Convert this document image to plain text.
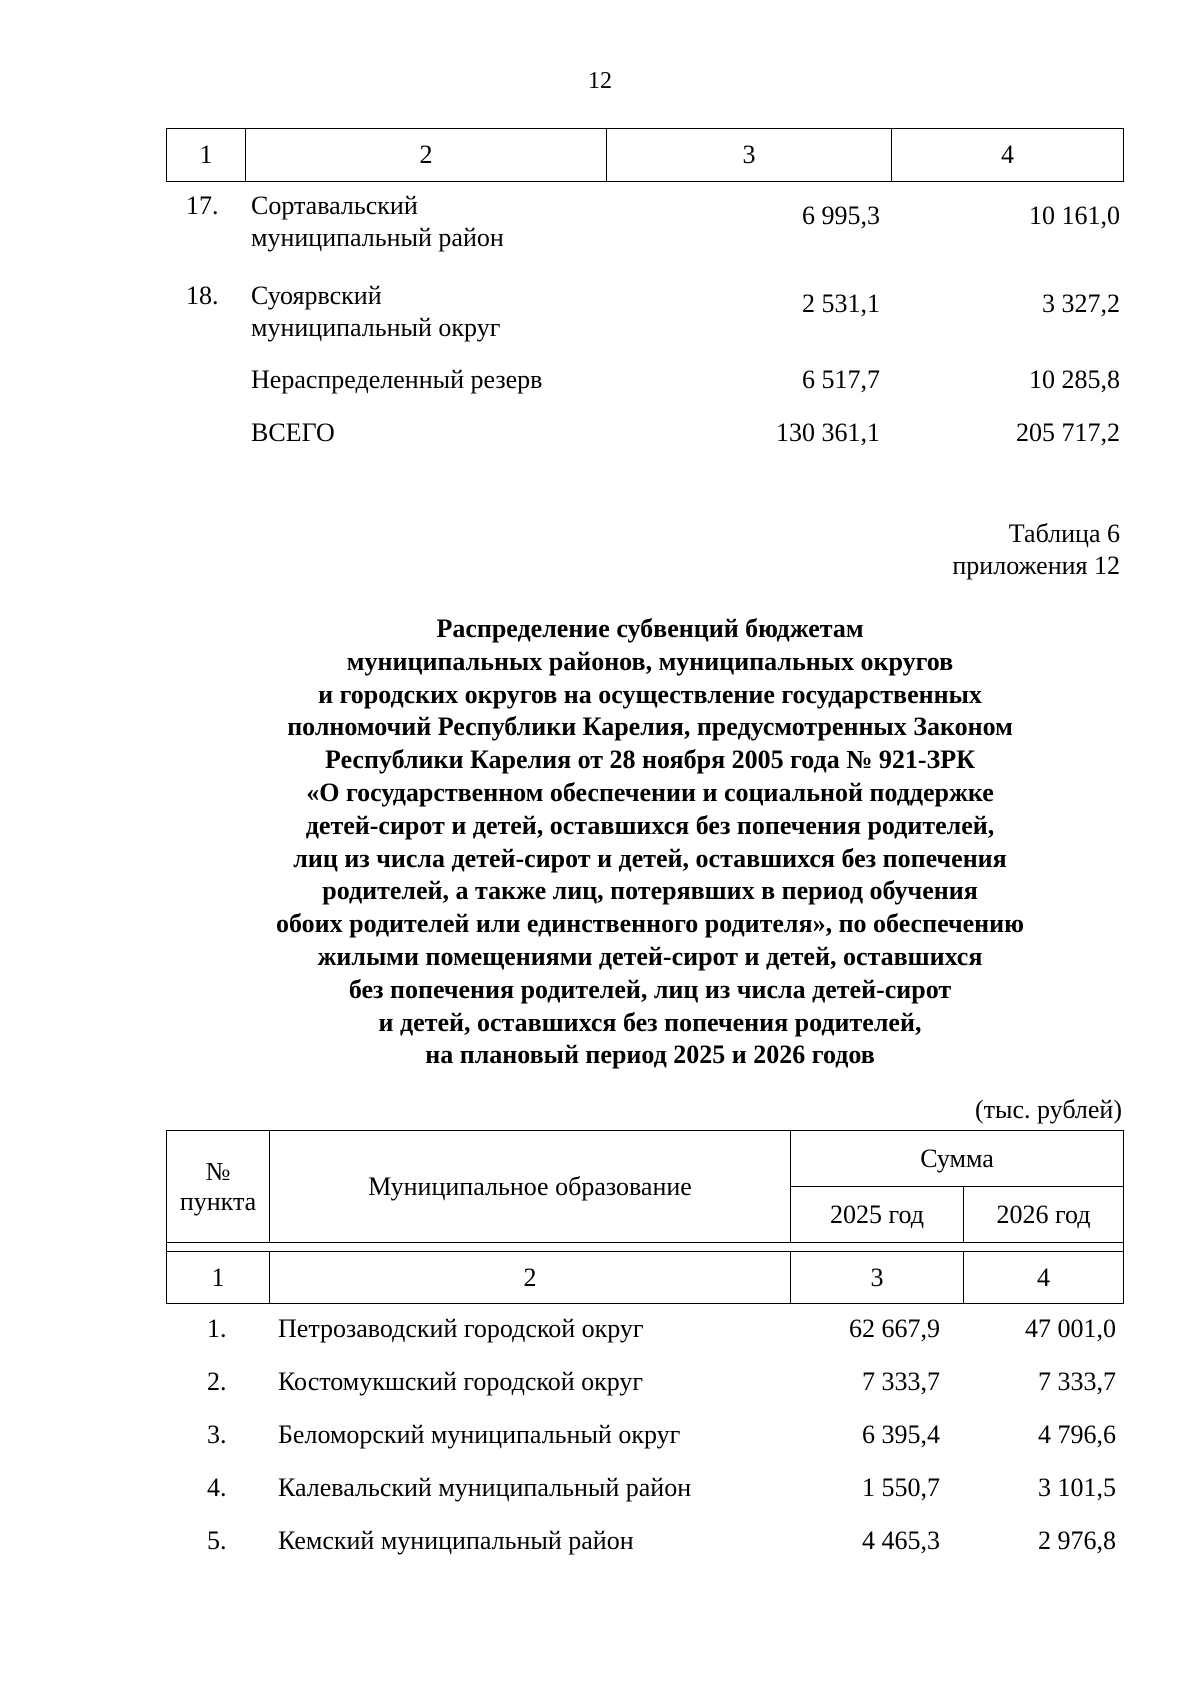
12
1	2	3	4
17. Сортавальский
муниципальный район
6 995,3	10 161,0
18. Суоярвский
муниципальный округ
2 531,1	3 327,2
Нераспределенный резерв	6 517,7	10 285,8
ВСЕГО	130 361,1	205 717,2
Таблица 6
приложения 12
Распределение субвенций бюджетам
муниципальных районов, муниципальных округов
и городских округов на осуществление государственных
полномочий Республики Карелия, предусмотренных Законом
Республики Карелия от 28 ноября 2005 года № 921-ЗРК
«О государственном обеспечении и социальной поддержке
детей-сирот и детей, оставшихся без попечения родителей,
лиц из числа детей-сирот и детей, оставшихся без попечения
родителей, а также лиц, потерявших в период обучения
обоих родителей или единственного родителя», по обеспечению
жилыми помещениями детей-сирот и детей, оставшихся
без попечения родителей, лиц из числа детей-сирот
и детей, оставшихся без попечения родителей,
на плановый период 2025 и 2026 годов
(тыс. рублей)
№
пункта	Муниципальное образование	Сумма	
		2025 год	2026 год

1	2	3	4
1. Петрозаводский городской округ	62 667,9	47 001,0
2. Костомукшский городской округ	7 333,7	7 333,7
3. Беломорский муниципальный округ	6 395,4	4 796,6
4. Калевальский муниципальный район	1 550,7	3 101,5
5. Кемский муниципальный район	4 465,3	2 976,8
